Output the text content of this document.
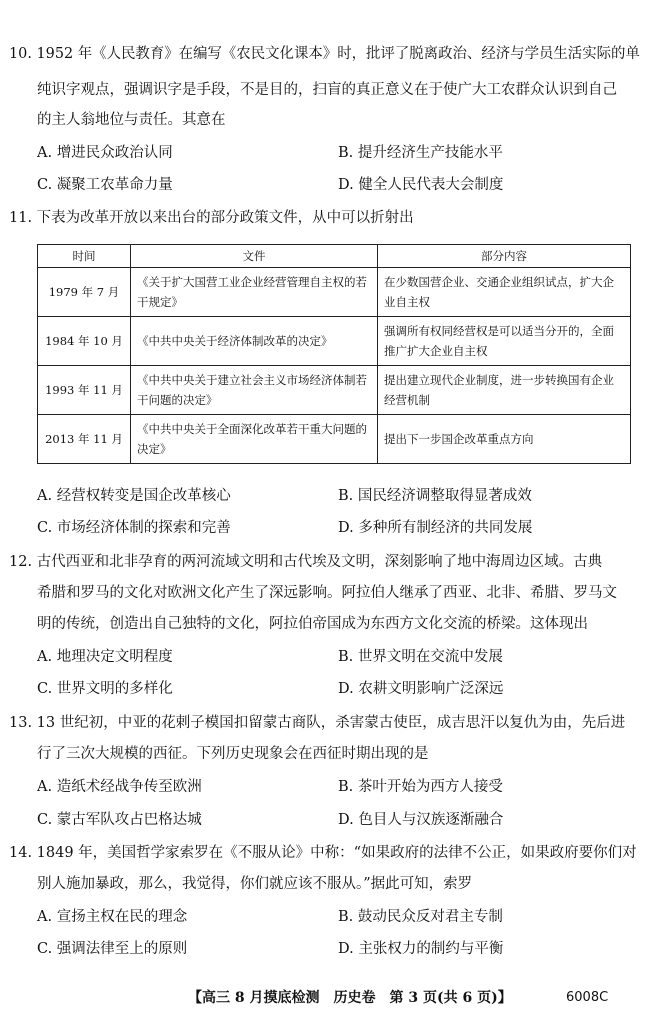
10. 1952 年《人民教育》在编写《农民文化课本》时，批评了脱离政治、经济与学员生活实际的单
纯识字观点，强调识字是手段，不是目的，扫盲的真正意义在于使广大工农群众认识到自己
的主人翁地位与责任。其意在
A. 增进民众政治认同	B. 提升经济生产技能水平
C. 凝聚工农革命力量	D. 健全人民代表大会制度
11. 下表为改革开放以来出台的部分政策文件，从中可以折射出
时间	文件	部分内容
1979 年 7 月	《关于扩大国营工业企业经营管理自主权的若干规定》	在少数国营企业、交通企业组织试点，扩大企业自主权
1984 年 10 月	《中共中央关于经济体制改革的决定》	强调所有权同经营权是可以适当分开的，全面推广扩大企业自主权
1993 年 11 月	《中共中央关于建立社会主义市场经济体制若干问题的决定》	提出建立现代企业制度，进一步转换国有企业经营机制
2013 年 11 月	《中共中央关于全面深化改革若干重大问题的决定》	提出下一步国企改革重点方向
A. 经营权转变是国企改革核心	B. 国民经济调整取得显著成效
C. 市场经济体制的探索和完善	D. 多种所有制经济的共同发展
12. 古代西亚和北非孕育的两河流域文明和古代埃及文明，深刻影响了地中海周边区域。古典
希腊和罗马的文化对欧洲文化产生了深远影响。阿拉伯人继承了西亚、北非、希腊、罗马文
明的传统，创造出自己独特的文化，阿拉伯帝国成为东西方文化交流的桥梁。这体现出
A. 地理决定文明程度	B. 世界文明在交流中发展
C. 世界文明的多样化	D. 农耕文明影响广泛深远
13. 13 世纪初，中亚的花剌子模国扣留蒙古商队，杀害蒙古使臣，成吉思汗以复仇为由，先后进
行了三次大规模的西征。下列历史现象会在西征时期出现的是
A. 造纸术经战争传至欧洲	B. 茶叶开始为西方人接受
C. 蒙古军队攻占巴格达城	D. 色目人与汉族逐渐融合
14. 1849 年，美国哲学家索罗在《不服从论》中称：“如果政府的法律不公正，如果政府要你们对
别人施加暴政，那么，我觉得，你们就应该不服从。”据此可知，索罗
A. 宣扬主权在民的理念	B. 鼓动民众反对君主专制
C. 强调法律至上的原则	D. 主张权力的制约与平衡
【高三 8 月摸底检测　历史卷　第 3 页(共 6 页)】	6008C
